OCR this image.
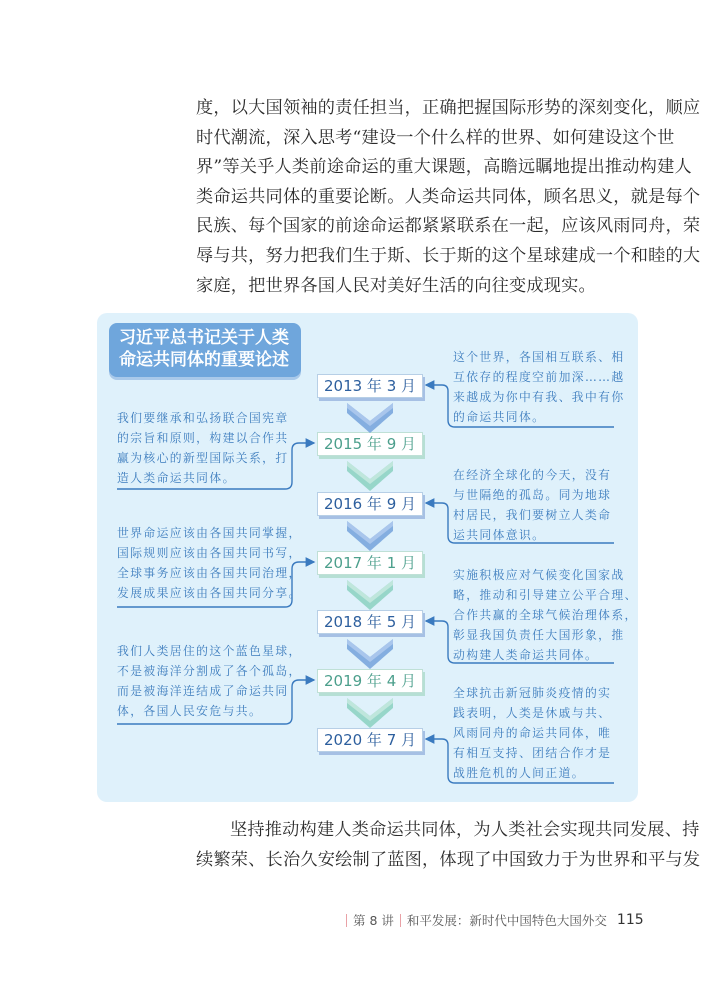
度，以大国领袖的责任担当，正确把握国际形势的深刻变化，顺应
时代潮流，深入思考“建设一个什么样的世界、如何建设这个世
界”等关乎人类前途命运的重大课题，高瞻远瞩地提出推动构建人
类命运共同体的重要论断。人类命运共同体，顾名思义，就是每个
民族、每个国家的前途命运都紧紧联系在一起，应该风雨同舟，荣
辱与共，努力把我们生于斯、长于斯的这个星球建成一个和睦的大
家庭，把世界各国人民对美好生活的向往变成现实。
习近平总书记关于人类
命运共同体的重要论述
2013 年 3 月
2015 年 9 月
2016 年 9 月
2017 年 1 月
2018 年 5 月
2019 年 4 月
2020 年 7 月
这个世界，各国相互联系、相
互依存的程度空前加深……越
来越成为你中有我、我中有你
的命运共同体。
我们要继承和弘扬联合国宪章
的宗旨和原则，构建以合作共
赢为核心的新型国际关系，打
造人类命运共同体。	在经济全球化的今天，没有
与世隔绝的孤岛。同为地球
村居民，我们要树立人类命
运共同体意识。
世界命运应该由各国共同掌握，
国际规则应该由各国共同书写，
全球事务应该由各国共同治理，
发展成果应该由各国共同分享。
实施积极应对气候变化国家战
略，推动和引导建立公平合理、
合作共赢的全球气候治理体系，
彰显我国负责任大国形象，推
动构建人类命运共同体。
我们人类居住的这个蓝色星球，
不是被海洋分割成了各个孤岛，
而是被海洋连结成了命运共同
体，各国人民安危与共。
全球抗击新冠肺炎疫情的实
践表明，人类是休戚与共、
风雨同舟的命运共同体，唯
有相互支持、团结合作才是
战胜危机的人间正道。
坚持推动构建人类命运共同体，为人类社会实现共同发展、持
续繁荣、长治久安绘制了蓝图，体现了中国致力于为世界和平与发
第 8 讲 和平发展：新时代中国特色大国外交 115
